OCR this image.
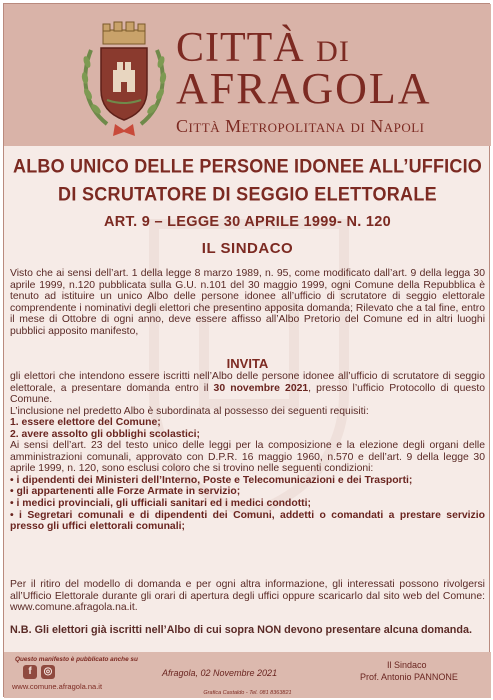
CITTÀ DI
AFRAGOLA
Città Metropolitana di Napoli
ALBO UNICO DELLE PERSONE IDONEE ALL’UFFICIO
DI SCRUTATORE DI SEGGIO ELETTORALE
ART. 9 – LEGGE 30 APRILE 1999- N. 120
IL SINDACO
Visto che ai sensi dell’art. 1 della legge 8 marzo 1989, n. 95, come modificato dall’art. 9 della legga 30 aprile 1999, n.120 pubblicata sulla G.U. n.101 del 30 maggio 1999, ogni Comune della Repubblica è tenuto ad istituire un unico Albo delle persone idonee all’ufficio di scrutatore di seggio elettorale comprendente i nominativi degli elettori che presentino apposita domanda; Rilevato che a tal fine, entro il mese di Ottobre di ogni anno, deve essere affisso all’Albo Pretorio del Comune ed in altri luoghi pubblici apposito manifesto,
INVITA
gli elettori che intendono essere iscritti nell’Albo delle persone idonee all’ufficio di scrutatore di seggio elettorale, a presentare domanda entro il 30 novembre 2021, presso l’ufficio Protocollo di questo Comune.
L’inclusione nel predetto Albo è subordinata al possesso dei seguenti requisiti:
1. essere elettore del Comune;
2. avere assolto gli obblighi scolastici;
Ai sensi dell’art. 23 del testo unico delle leggi per la composizione e la elezione degli organi delle amministrazioni comunali, approvato con D.P.R. 16 maggio 1960, n.570 e dell’art. 9 della legge 30 aprile 1999, n. 120, sono esclusi coloro che si trovino nelle seguenti condizioni:
• i dipendenti dei Ministeri dell’Interno, Poste e Telecomunicazioni e dei Trasporti;
• gli appartenenti alle Forze Armate in servizio;
• i medici provinciali, gli ufficiali sanitari ed i medici condotti;
• i Segretari comunali e di dipendenti dei Comuni, addetti o comandati a prestare servizio presso gli uffici elettorali comunali;
Per il ritiro del modello di domanda e per ogni altra informazione, gli interessati possono rivolgersi all’Ufficio Elettorale durante gli orari di apertura degli uffici oppure scaricarlo dal sito web del Comune: www.comune.afragola.na.it.
N.B. Gli elettori già iscritti nell’Albo di cui sopra NON devono presentare alcuna domanda.
Questo manifesto è pubblicato anche su
f	◎
www.comune.afragola.na.it
Afragola, 02 Novembre 2021
Il Sindaco
Prof. Antonio PANNONE
Grafica Castaldo - Tel. 081 8363821
